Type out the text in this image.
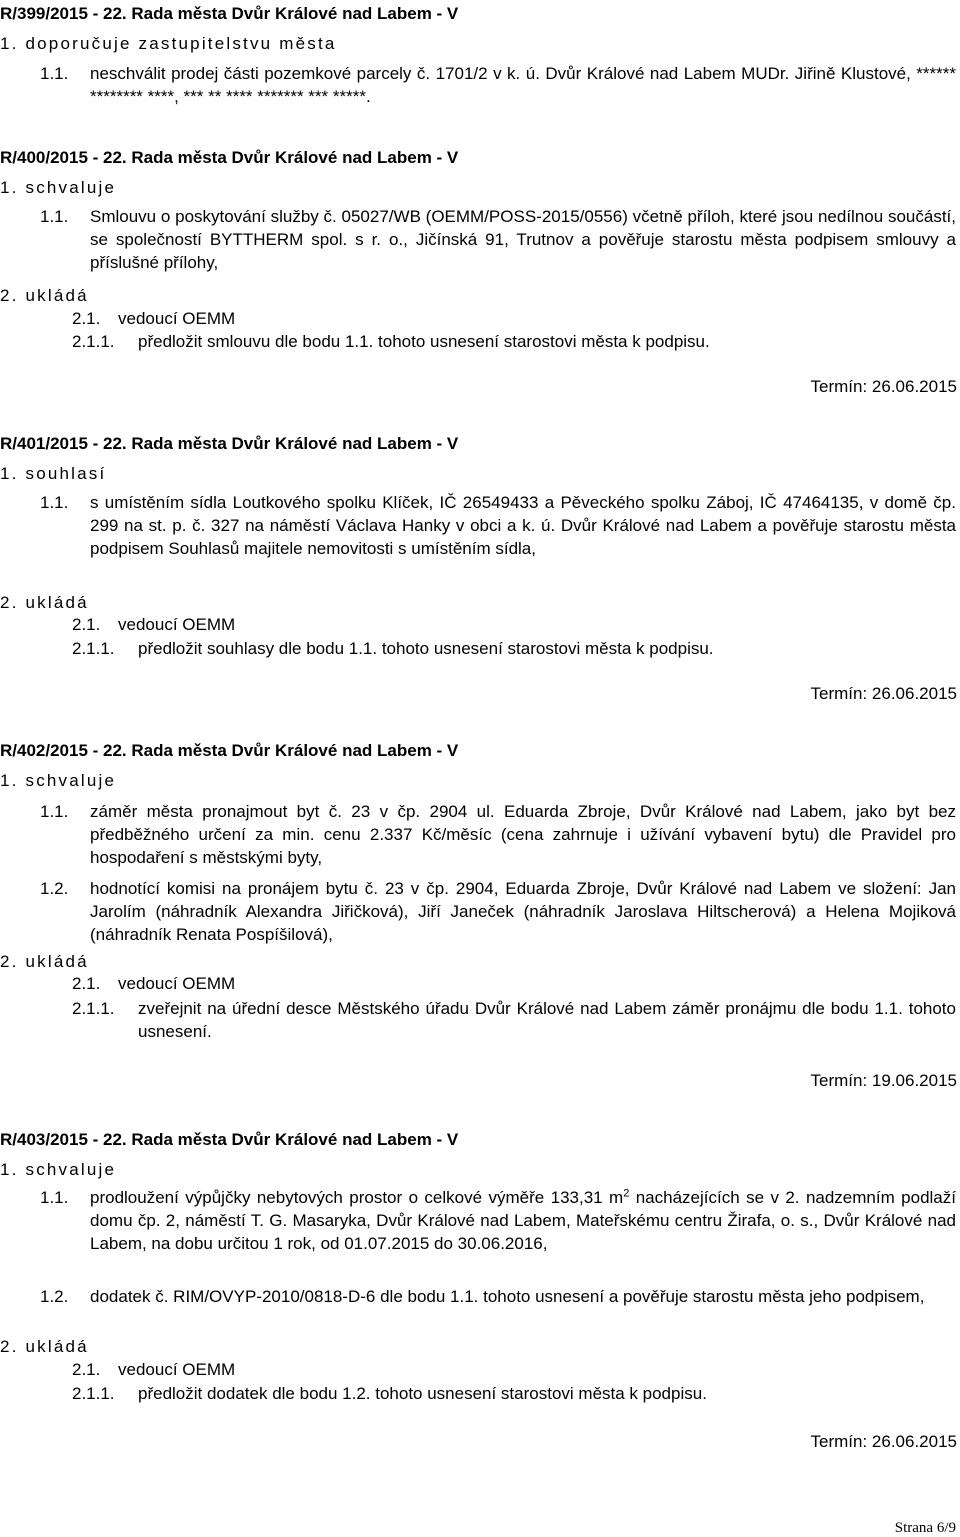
R/399/2015 - 22. Rada města Dvůr Králové nad Labem - V
1. doporučuje zastupitelstvu města
1.1. neschválit prodej části pozemkové parcely č. 1701/2 v k. ú. Dvůr Králové nad Labem MUDr. Jiřině Klustové, ****** ******** ****, *** ** **** ******* *** *****.
R/400/2015 - 22. Rada města Dvůr Králové nad Labem - V
1. schvaluje
1.1. Smlouvu o poskytování služby č. 05027/WB (OEMM/POSS-2015/0556) včetně příloh, které jsou nedílnou součástí, se společností BYTTHERM spol. s r. o., Jičínská 91, Trutnov a pověřuje starostu města podpisem smlouvy a příslušné přílohy,
2. ukládá
2.1. vedoucí OEMM
2.1.1. předložit smlouvu dle bodu 1.1. tohoto usnesení starostovi města k podpisu.
Termín: 26.06.2015
R/401/2015 - 22. Rada města Dvůr Králové nad Labem - V
1. souhlasí
1.1. s umístěním sídla Loutkového spolku Klíček, IČ 26549433 a Pěveckého spolku Záboj, IČ 47464135, v domě čp. 299 na st. p. č. 327 na náměstí Václava Hanky v obci a k. ú. Dvůr Králové nad Labem a pověřuje starostu města podpisem Souhlasů majitele nemovitosti s umístěním sídla,
2. ukládá
2.1. vedoucí OEMM
2.1.1. předložit souhlasy dle bodu 1.1. tohoto usnesení starostovi města k podpisu.
Termín: 26.06.2015
R/402/2015 - 22. Rada města Dvůr Králové nad Labem - V
1. schvaluje
1.1. záměr města pronajmout byt č. 23 v čp. 2904 ul. Eduarda Zbroje, Dvůr Králové nad Labem, jako byt bez předběžného určení za min. cenu 2.337 Kč/měsíc (cena zahrnuje i užívání vybavení bytu) dle Pravidel pro hospodaření s městskými byty,
1.2. hodnotící komisi na pronájem bytu č. 23 v čp. 2904, Eduarda Zbroje, Dvůr Králové nad Labem ve složení: Jan Jarolím (náhradník Alexandra Jiřičková), Jiří Janeček (náhradník Jaroslava Hiltscherová) a Helena Mojiková (náhradník Renata Pospíšilová),
2. ukládá
2.1. vedoucí OEMM
2.1.1. zveřejnit na úřední desce Městského úřadu Dvůr Králové nad Labem záměr pronájmu dle bodu 1.1. tohoto usnesení.
Termín: 19.06.2015
R/403/2015 - 22. Rada města Dvůr Králové nad Labem - V
1. schvaluje
1.1. prodloužení výpůjčky nebytových prostor o celkové výměře 133,31 $m^2$ nacházejících se v 2. nadzemním podlaží domu čp. 2, náměstí T. G. Masaryka, Dvůr Králové nad Labem, Mateřskému centru Žirafa, o. s., Dvůr Králové nad Labem, na dobu určitou 1 rok, od 01.07.2015 do 30.06.2016,
1.2. dodatek č. RIM/OVYP-2010/0818-D-6 dle bodu 1.1. tohoto usnesení a pověřuje starostu města jeho podpisem,
2. ukládá
2.1. vedoucí OEMM
2.1.1. předložit dodatek dle bodu 1.2. tohoto usnesení starostovi města k podpisu.
Termín: 26.06.2015
Strana 6/9
